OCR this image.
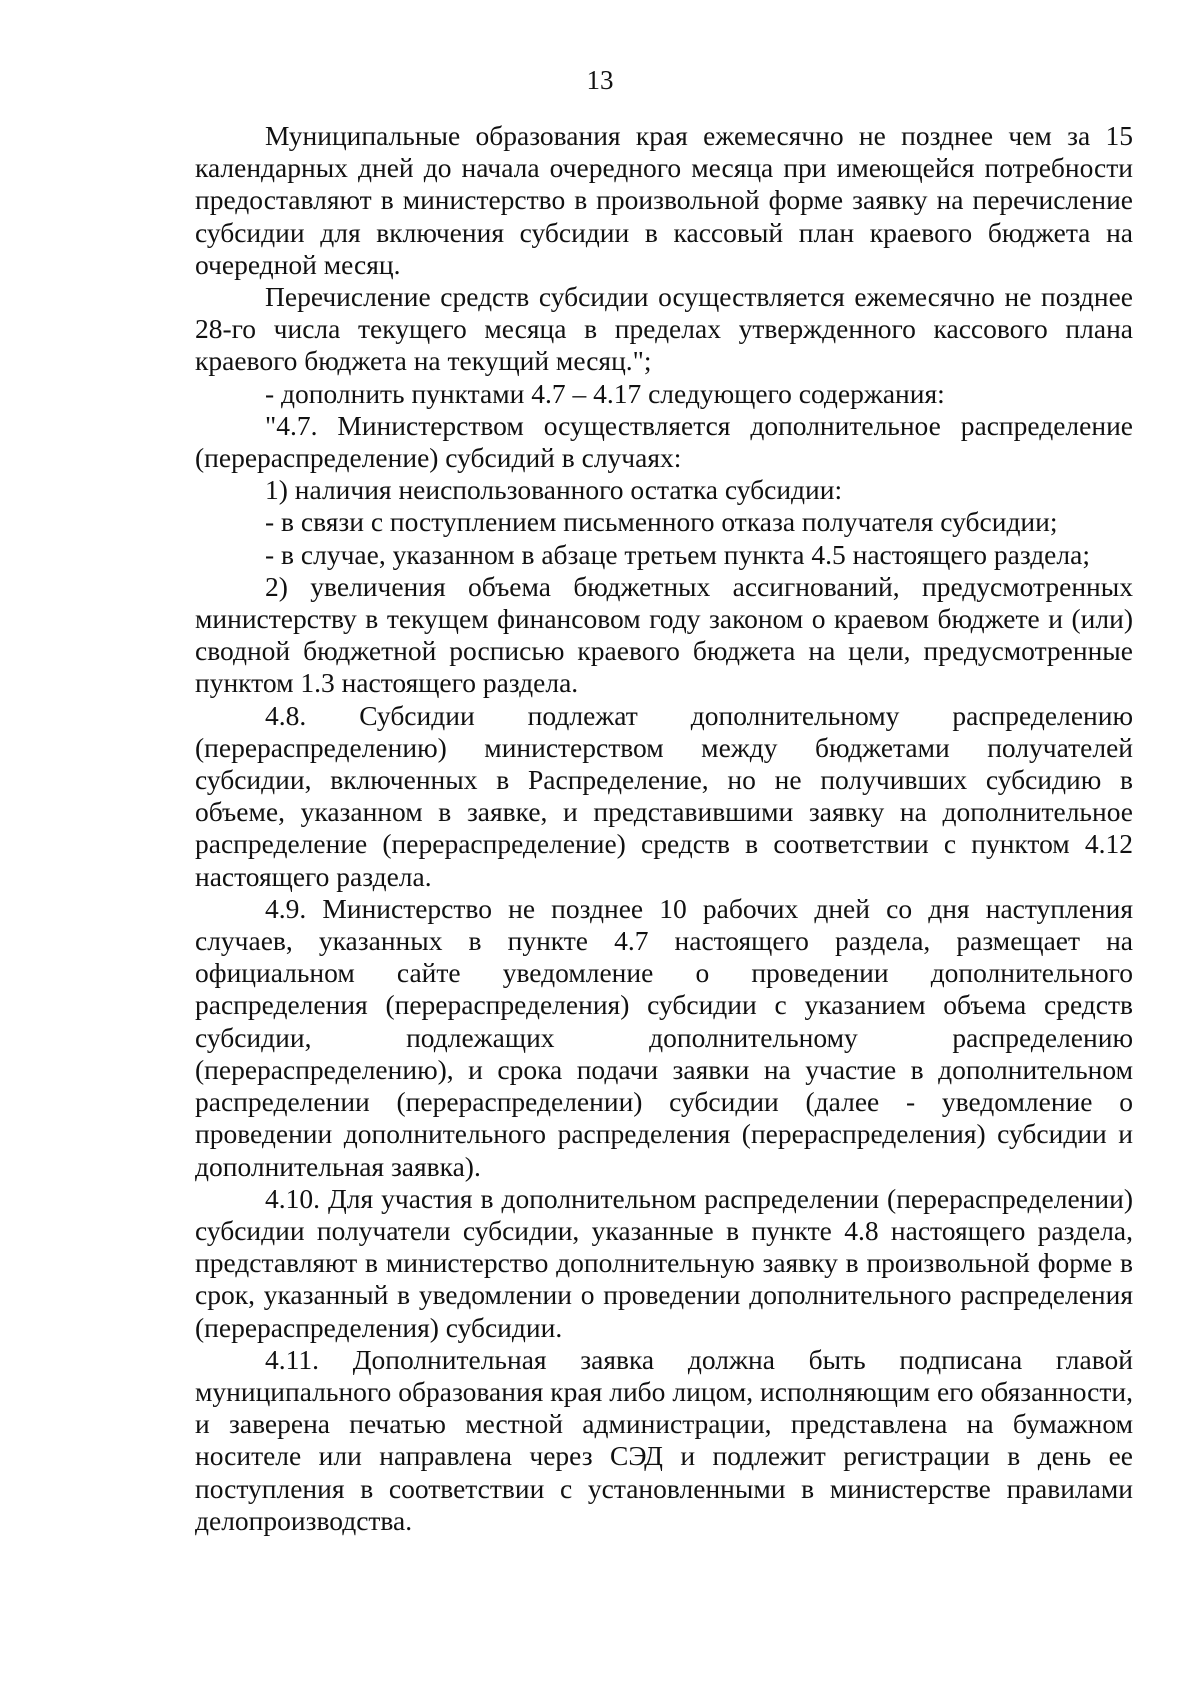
13

Муниципальные образования края ежемесячно не позднее чем за 15 календарных дней до начала очередного месяца при имеющейся потребности предоставляют в министерство в произвольной форме заявку на перечисление субсидии для включения субсидии в кассовый план краевого бюджета на очередной месяц.

Перечисление средств субсидии осуществляется ежемесячно не позднее 28-го числа текущего месяца в пределах утвержденного кассового плана краевого бюджета на текущий месяц.";

- дополнить пунктами 4.7 – 4.17 следующего содержания:

"4.7. Министерством осуществляется дополнительное распределение (перераспределение) субсидий в случаях:

1) наличия неиспользованного остатка субсидии:

- в связи с поступлением письменного отказа получателя субсидии;

- в случае, указанном в абзаце третьем пункта 4.5 настоящего раздела;

2) увеличения объема бюджетных ассигнований, предусмотренных министерству в текущем финансовом году законом о краевом бюджете и (или) сводной бюджетной росписью краевого бюджета на цели, предусмотренные пунктом 1.3 настоящего раздела.

4.8. Субсидии подлежат дополнительному распределению (перераспределению) министерством между бюджетами получателей субсидии, включенных в Распределение, но не получивших субсидию в объеме, указанном в заявке, и представившими заявку на дополнительное распределение (перераспределение) средств в соответствии с пунктом 4.12 настоящего раздела.

4.9. Министерство не позднее 10 рабочих дней со дня наступления случаев, указанных в пункте 4.7 настоящего раздела, размещает на официальном сайте уведомление о проведении дополнительного распределения (перераспределения) субсидии с указанием объема средств субсидии, подлежащих дополнительному распределению (перераспределению), и срока подачи заявки на участие в дополнительном распределении (перераспределении) субсидии (далее - уведомление о проведении дополнительного распределения (перераспределения) субсидии и дополнительная заявка).

4.10. Для участия в дополнительном распределении (перераспределении) субсидии получатели субсидии, указанные в пункте 4.8 настоящего раздела, представляют в министерство дополнительную заявку в произвольной форме в срок, указанный в уведомлении о проведении дополнительного распределения (перераспределения) субсидии.

4.11. Дополнительная заявка должна быть подписана главой муниципального образования края либо лицом, исполняющим его обязанности, и заверена печатью местной администрации, представлена на бумажном носителе или направлена через СЭД и подлежит регистрации в день ее поступления в соответствии с установленными в министерстве правилами делопроизводства.
